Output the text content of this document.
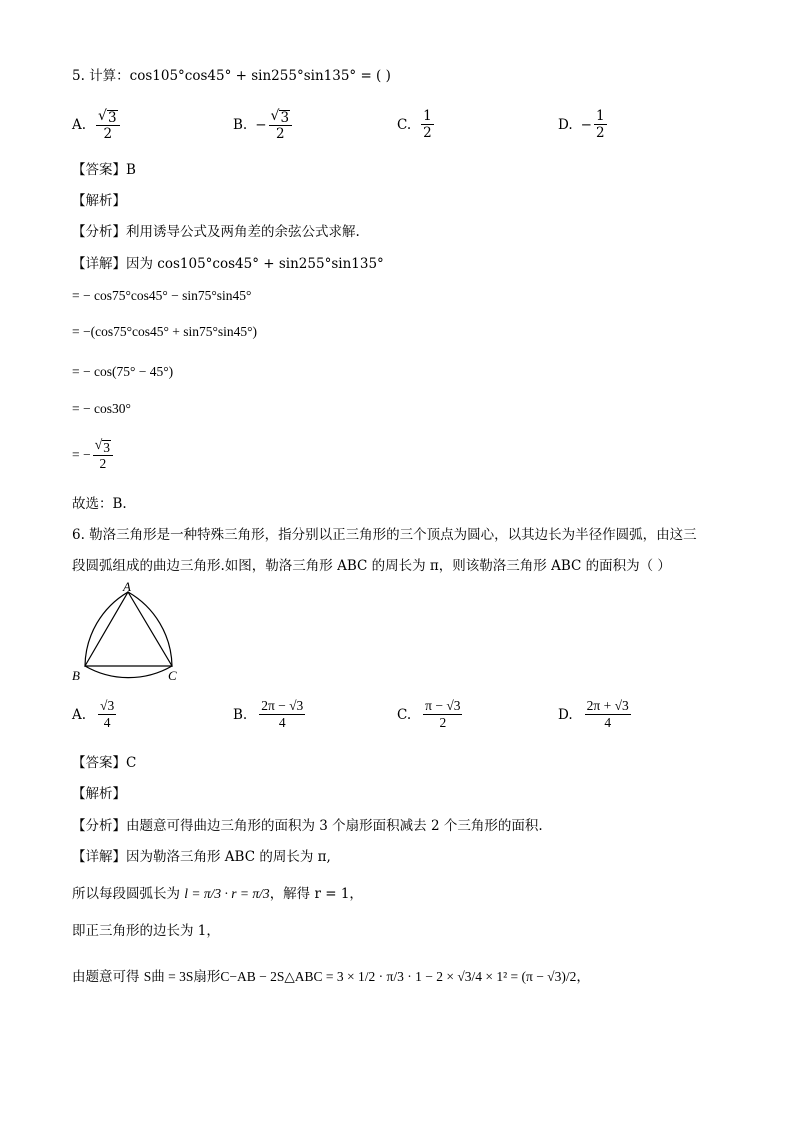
5. 计算：cos105°cos45° + sin255°sin135° = ( )
A. $\frac{√ 3}{2}$	B. − $\frac{√ 3}{2}$	C. $\frac{1}{2}$	D. − $\frac{1}{2}$
【答案】B
【解析】
【分析】利用诱导公式及两角差的余弦公式求解.
【详解】因为 cos105°cos45° + sin255°sin135°
= − cos75°cos45° − sin75°sin45°
= −(cos75°cos45° + sin75°sin45°)
= − cos(75° − 45°)
= − cos30°
= − $\frac{√ 3}{2}$
故选：B.
6. 勒洛三角形是一种特殊三角形，指分别以正三角形的三个顶点为圆心，以其边长为半径作圆弧，由这三
段圆弧组成的曲边三角形.如图，勒洛三角形 ABC 的周长为 π，则该勒洛三角形 ABC 的面积为（ ）
A
B	C
A. $\frac{√3}{4}$	B. $\frac{2\pi - √3}{4}$	C. $\frac{\pi - √3}{2}$	D. $\frac{2\pi + √3}{4}$
【答案】C
【解析】
【分析】由题意可得曲边三角形的面积为 3 个扇形面积减去 2 个三角形的面积.
【详解】因为勒洛三角形 ABC 的周长为 π,
所以每段圆弧长为 l = π/3 · r = π/3，解得 r = 1，
即正三角形的边长为 1，
由题意可得 S曲 = 3S扇形C−AB − 2S△ABC = 3 × 1/2 · π/3 · 1 − 2 × √3/4 × 1² = (π − √3)/2，
